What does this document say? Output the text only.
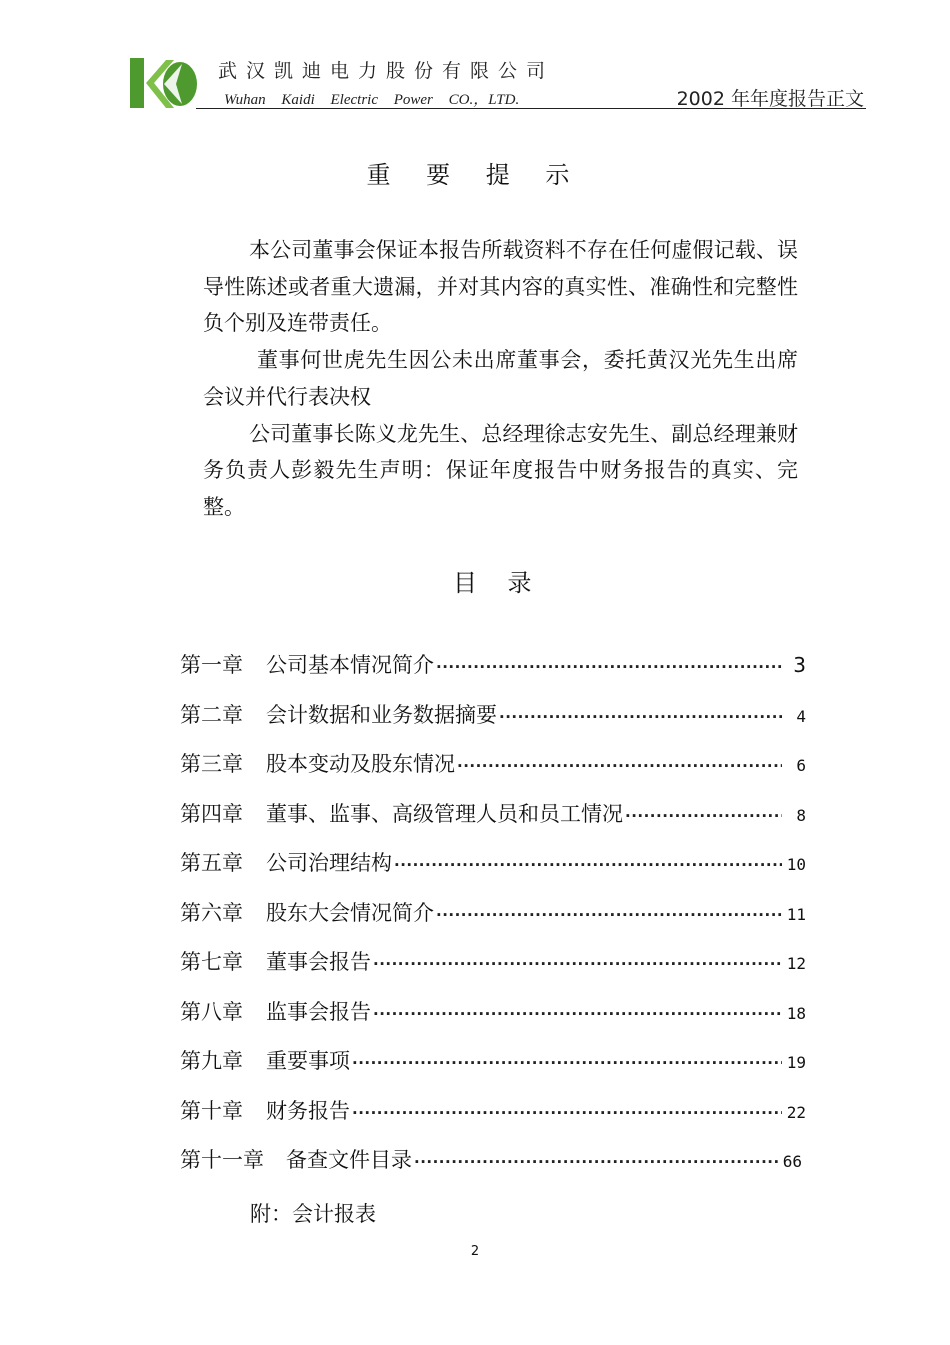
武汉凯迪电力股份有限公司
Wuhan Kaidi Electric Power CO.，LTD.	2002 年年度报告正文
重 要 提 示

本公司董事会保证本报告所载资料不存在任何虚假记载、误导性陈述或者重大遗漏，并对其内容的真实性、准确性和完整性负个别及连带责任。

董事何世虎先生因公未出席董事会，委托黄汉光先生出席会议并代行表决权

公司董事长陈义龙先生、总经理徐志安先生、副总经理兼财务负责人彭毅先生声明：保证年度报告中财务报告的真实、完整。

目    录
第一章	公司基本情况简介 ·····	3
第二章	会计数据和业务数据摘要 ·····	4
第三章	股本变动及股东情况 ·····	6
第四章	董事、监事、高级管理人员和员工情况 ·····	8
第五章	公司治理结构 ·····	10
第六章	股东大会情况简介 ·····	11
第七章	董事会报告 ·····	12
第八章	监事会报告 ·····	18
第九章	重要事项 ·····	19
第十章	财务报告 ·····	22
第十一章	备查文件目录 ·····	66
附：会计报表
2
